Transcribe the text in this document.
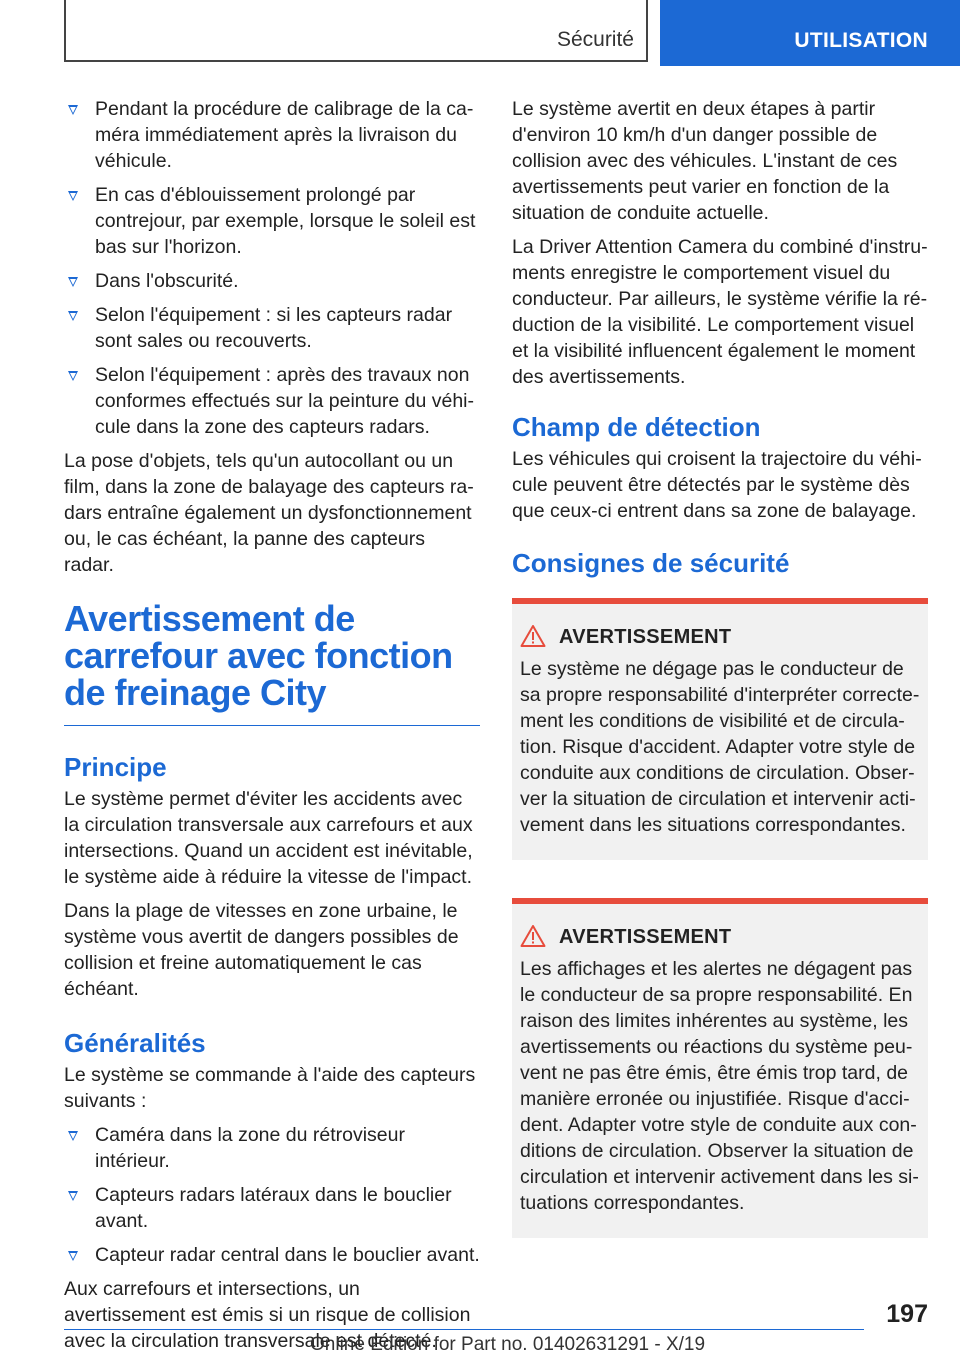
Sécurité	UTILISATION
Pendant la procédure de calibrage de la caméra immédiatement après la livraison du véhicule.
En cas d'éblouissement prolongé par contrejour, par exemple, lorsque le soleil est bas sur l'horizon.
Dans l'obscurité.
Selon l'équipement : si les capteurs radar sont sales ou recouverts.
Selon l'équipement : après des travaux non conformes effectués sur la peinture du véhicule dans la zone des capteurs radars.

La pose d'objets, tels qu'un autocollant ou un film, dans la zone de balayage des capteurs radars entraîne également un dysfonctionnement ou, le cas échéant, la panne des capteurs radar.

Avertissement de carrefour avec fonction de freinage City
Principe

Le système permet d'éviter les accidents avec la circulation transversale aux carrefours et aux intersections. Quand un accident est inévitable, le système aide à réduire la vitesse de l'impact.

Dans la plage de vitesses en zone urbaine, le système vous avertit de dangers possibles de collision et freine automatiquement le cas échéant.

Généralités

Le système se commande à l'aide des capteurs suivants :

Caméra dans la zone du rétroviseur intérieur.
Capteurs radars latéraux dans le bouclier avant.
Capteur radar central dans le bouclier avant.

Aux carrefours et intersections, un avertissement est émis si un risque de collision avec la circulation transversale est détecté.

Le système avertit en deux étapes à partir d'environ 10 km/h d'un danger possible de collision avec des véhicules. L'instant de ces avertissements peut varier en fonction de la situation de conduite actuelle.

La Driver Attention Camera du combiné d'instruments enregistre le comportement visuel du conducteur. Par ailleurs, le système vérifie la réduction de la visibilité. Le comportement visuel et la visibilité influencent également le moment des avertissements.

Champ de détection

Les véhicules qui croisent la trajectoire du véhicule peuvent être détectés par le système dès que ceux-ci entrent dans sa zone de balayage.

Consignes de sécurité
AVERTISSEMENT

Le système ne dégage pas le conducteur de sa propre responsabilité d'interpréter correctement les conditions de visibilité et de circulation. Risque d'accident. Adapter votre style de conduite aux conditions de circulation. Observer la situation de circulation et intervenir activement dans les situations correspondantes.

AVERTISSEMENT

Les affichages et les alertes ne dégagent pas le conducteur de sa propre responsabilité. En raison des limites inhérentes au système, les avertissements ou réactions du système peuvent ne pas être émis, être émis trop tard, de manière erronée ou injustifiée. Risque d'accident. Adapter votre style de conduite aux conditions de circulation. Observer la situation de circulation et intervenir activement dans les situations correspondantes.

197
Online Edition for Part no. 01402631291 - X/19
